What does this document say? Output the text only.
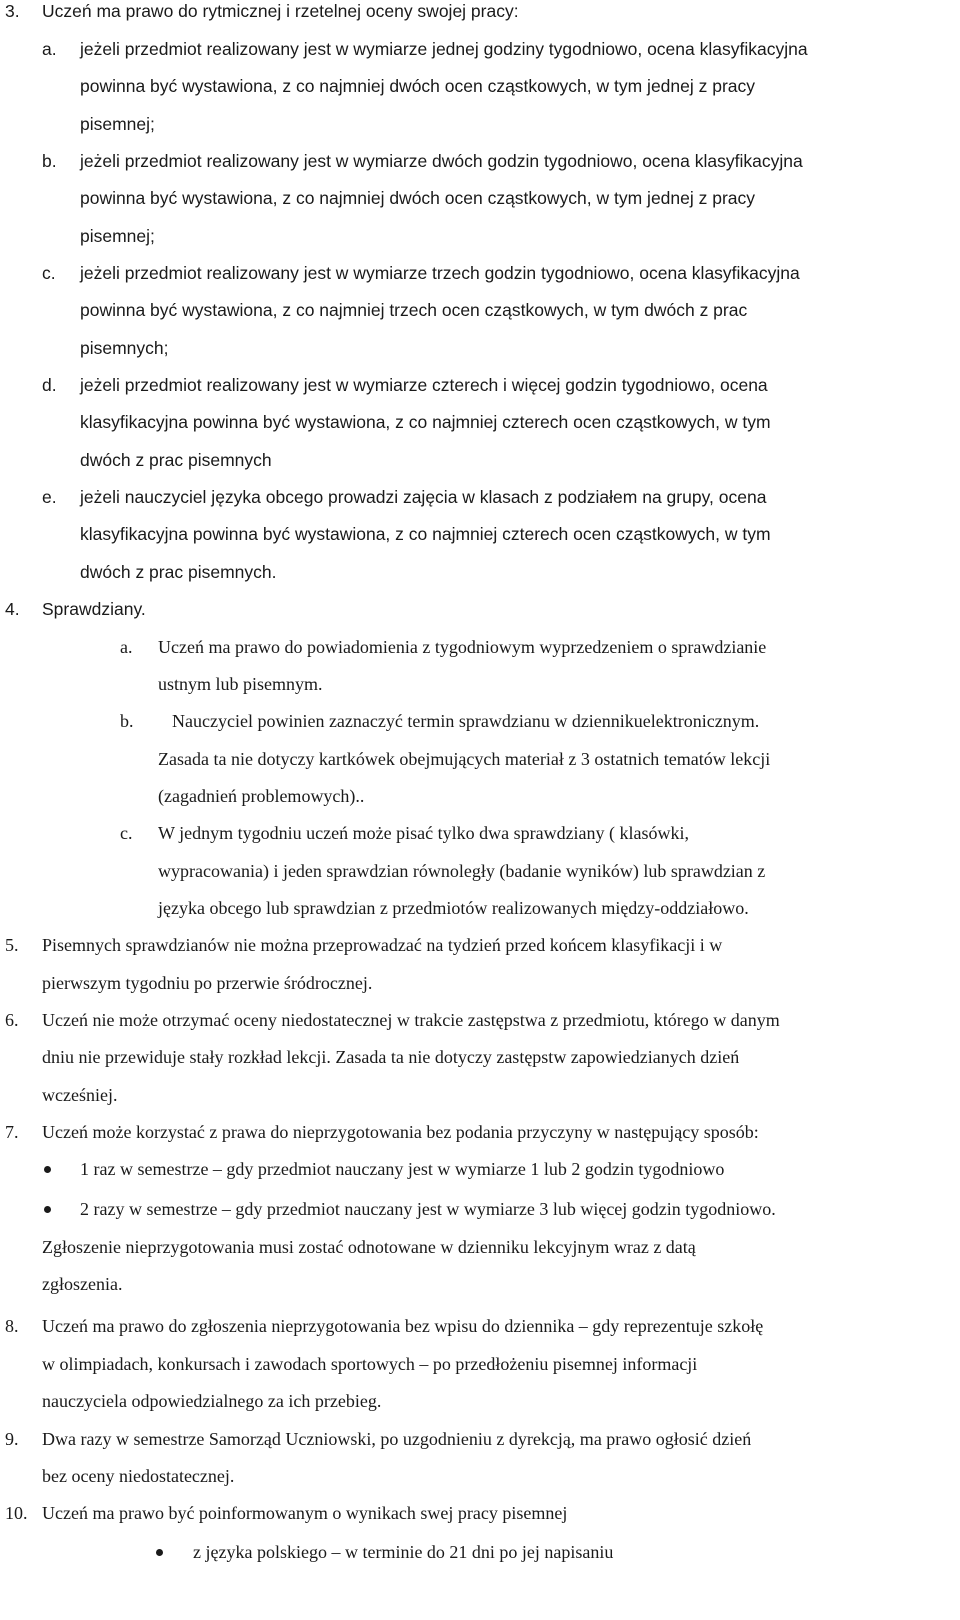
3. Uczeń ma prawo do rytmicznej i rzetelnej oceny swojej pracy:
a. jeżeli przedmiot realizowany jest w wymiarze jednej godziny tygodniowo, ocena klasyfikacyjna
powinna być wystawiona, z co najmniej dwóch ocen cząstkowych, w tym jednej z pracy
pisemnej;
b. jeżeli przedmiot realizowany jest w wymiarze dwóch godzin tygodniowo, ocena klasyfikacyjna
powinna być wystawiona, z co najmniej dwóch ocen cząstkowych, w tym jednej z pracy
pisemnej;
c. jeżeli przedmiot realizowany jest w wymiarze trzech godzin tygodniowo, ocena klasyfikacyjna
powinna być wystawiona, z co najmniej trzech ocen cząstkowych, w tym dwóch z prac
pisemnych;
d. jeżeli przedmiot realizowany jest w wymiarze czterech i więcej godzin tygodniowo, ocena
klasyfikacyjna powinna być wystawiona, z co najmniej czterech ocen cząstkowych, w tym
dwóch z prac pisemnych
e. jeżeli nauczyciel języka obcego prowadzi zajęcia w klasach z podziałem na grupy, ocena
klasyfikacyjna powinna być wystawiona, z co najmniej czterech ocen cząstkowych, w tym
dwóch z prac pisemnych.
4. Sprawdziany.
a. Uczeń ma prawo do powiadomienia z tygodniowym wyprzedzeniem o sprawdzianie
ustnym lub pisemnym.
b. Nauczyciel powinien zaznaczyć termin sprawdzianu w dziennikuelektronicznym.
Zasada ta nie dotyczy kartkówek obejmujących materiał z 3 ostatnich tematów lekcji
(zagadnień problemowych)..
c. W jednym tygodniu uczeń może pisać tylko dwa sprawdziany ( klasówki,
wypracowania) i jeden sprawdzian równoległy (badanie wyników) lub sprawdzian z
języka obcego lub sprawdzian z przedmiotów realizowanych między-oddziałowo.
5. Pisemnych sprawdzianów nie można przeprowadzać na tydzień przed końcem klasyfikacji i w
pierwszym tygodniu po przerwie śródrocznej.
6. Uczeń nie może otrzymać oceny niedostatecznej w trakcie zastępstwa z przedmiotu, którego w danym
dniu nie przewiduje stały rozkład lekcji. Zasada ta nie dotyczy zastępstw zapowiedzianych dzień
wcześniej.
7. Uczeń może korzystać z prawa do nieprzygotowania bez podania przyczyny w następujący sposób:
1 raz w semestrze – gdy przedmiot nauczany jest w wymiarze 1 lub 2 godzin tygodniowo
2 razy w semestrze – gdy przedmiot nauczany jest w wymiarze 3 lub więcej godzin tygodniowo.
Zgłoszenie nieprzygotowania musi zostać odnotowane w dzienniku lekcyjnym wraz z datą
zgłoszenia.
8. Uczeń ma prawo do zgłoszenia nieprzygotowania bez wpisu do dziennika – gdy reprezentuje szkołę
w olimpiadach, konkursach i zawodach sportowych – po przedłożeniu pisemnej informacji
nauczyciela odpowiedzialnego za ich przebieg.
9. Dwa razy w semestrze Samorząd Uczniowski, po uzgodnieniu z dyrekcją, ma prawo ogłosić dzień
bez oceny niedostatecznej.
10. Uczeń ma prawo być poinformowanym o wynikach swej pracy pisemnej
z języka polskiego – w terminie do 21 dni po jej napisaniu
